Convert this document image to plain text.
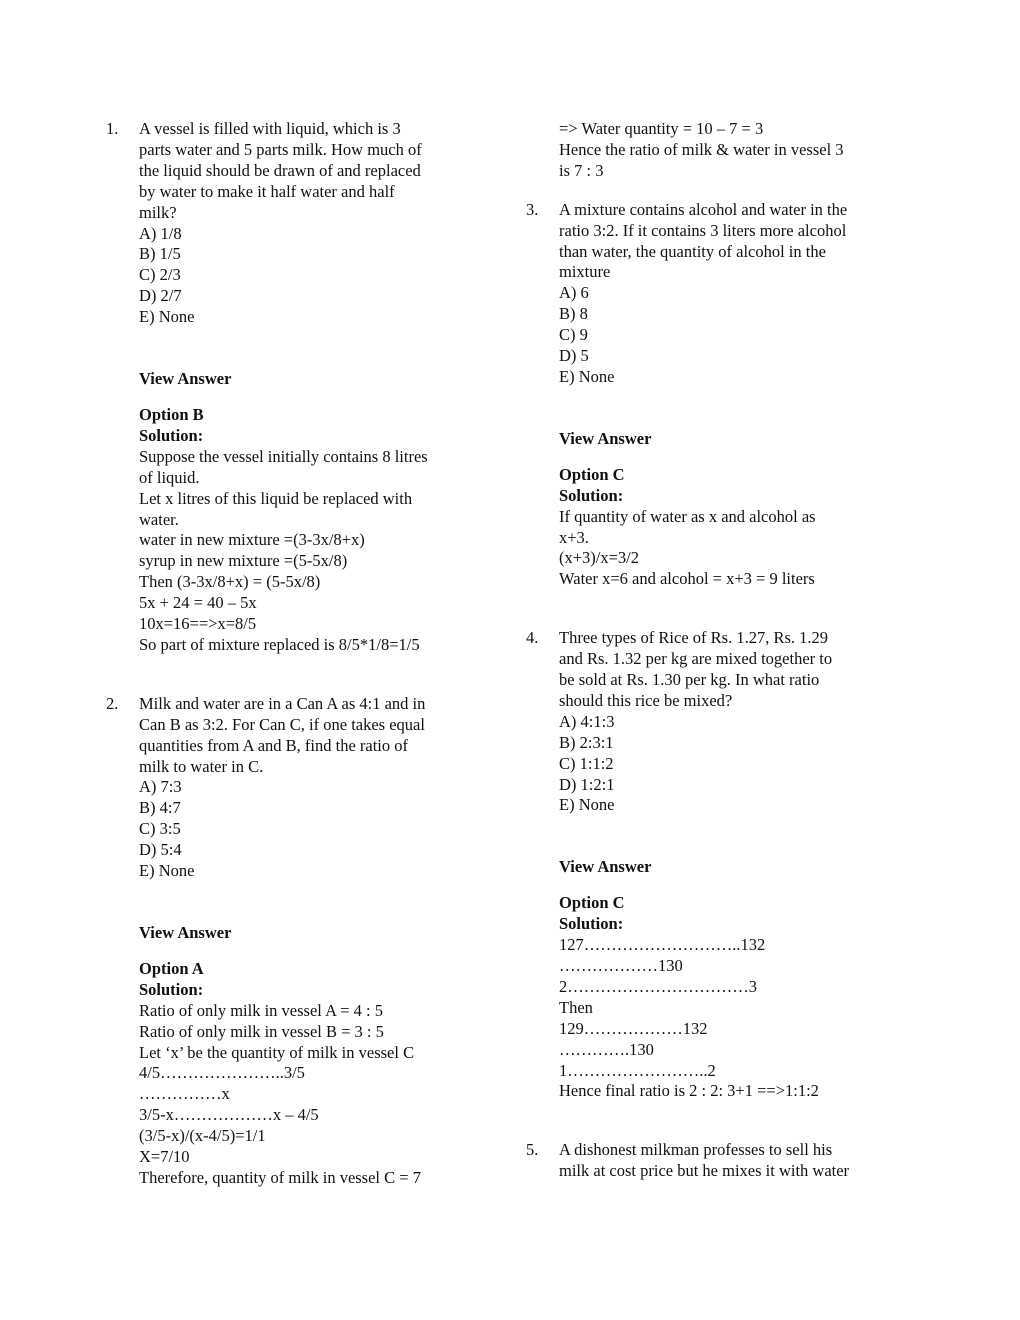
1. A vessel is filled with liquid, which is 3
parts water and 5 parts milk. How much of
the liquid should be drawn of and replaced
by water to make it half water and half
milk?
A) 1/8
B) 1/5
C) 2/3
D) 2/7
E) None
View Answer
Option B
Solution:
Suppose the vessel initially contains 8 litres
of liquid.
Let x litres of this liquid be replaced with
water.
water in new mixture =(3-3x/8+x)
syrup in new mixture =(5-5x/8)
Then (3-3x/8+x) = (5-5x/8)
5x + 24 = 40 – 5x
10x=16==>x=8/5
So part of mixture replaced is 8/5*1/8=1/5
2. Milk and water are in a Can A as 4:1 and in
Can B as 3:2. For Can C, if one takes equal
quantities from A and B, find the ratio of
milk to water in C.
A) 7:3
B) 4:7
C) 3:5
D) 5:4
E) None
View Answer
Option A
Solution:
Ratio of only milk in vessel A = 4 : 5
Ratio of only milk in vessel B = 3 : 5
Let ‘x’ be the quantity of milk in vessel C
4/5…………………..3/5
……………x
3/5-x………………x – 4/5
(3/5-x)/(x-4/5)=1/1
X=7/10
Therefore, quantity of milk in vessel C = 7
=> Water quantity = 10 – 7 = 3
Hence the ratio of milk & water in vessel 3
is 7 : 3
3. A mixture contains alcohol and water in the
ratio 3:2. If it contains 3 liters more alcohol
than water, the quantity of alcohol in the
mixture
A) 6
B) 8
C) 9
D) 5
E) None
View Answer
Option C
Solution:
If quantity of water as x and alcohol as
x+3.
(x+3)/x=3/2
Water x=6 and alcohol = x+3 = 9 liters
4. Three types of Rice of Rs. 1.27, Rs. 1.29
and Rs. 1.32 per kg are mixed together to
be sold at Rs. 1.30 per kg. In what ratio
should this rice be mixed?
A) 4:1:3
B) 2:3:1
C) 1:1:2
D) 1:2:1
E) None
View Answer
Option C
Solution:
127………………………..132
………………130
2……………………………3
Then
129………………132
………….130
1……………………..2
Hence final ratio is 2 : 2: 3+1 ==>1:1:2
5. A dishonest milkman professes to sell his
milk at cost price but he mixes it with water
